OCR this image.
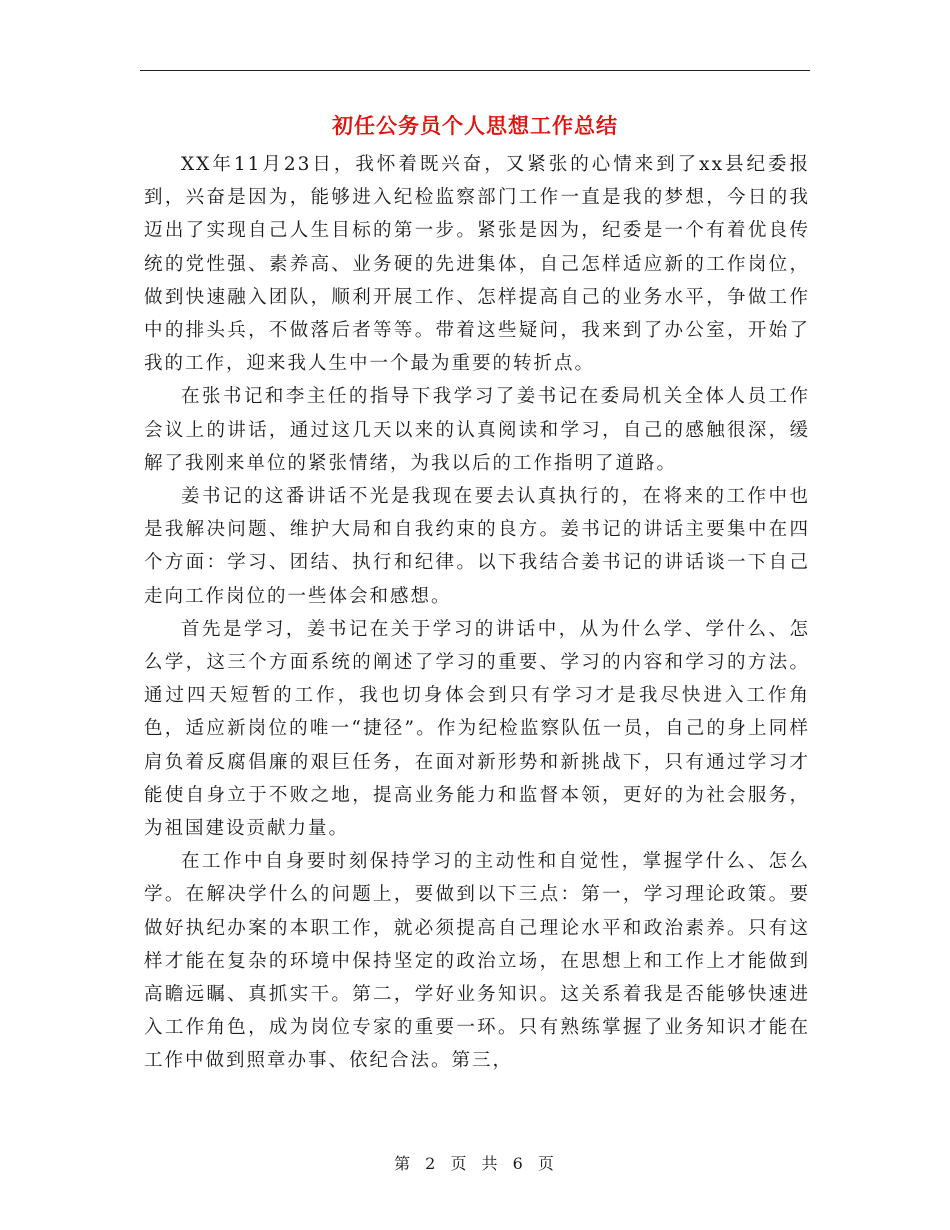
初任公务员个人思想工作总结

XX年11月23日，我怀着既兴奋，又紧张的心情来到了xx县纪委报到，兴奋是因为，能够进入纪检监察部门工作一直是我的梦想，今日的我迈出了实现自己人生目标的第一步。紧张是因为，纪委是一个有着优良传统的党性强、素养高、业务硬的先进集体，自己怎样适应新的工作岗位，做到快速融入团队，顺利开展工作、怎样提高自己的业务水平，争做工作中的排头兵，不做落后者等等。带着这些疑问，我来到了办公室，开始了我的工作，迎来我人生中一个最为重要的转折点。

在张书记和李主任的指导下我学习了姜书记在委局机关全体人员工作会议上的讲话，通过这几天以来的认真阅读和学习，自己的感触很深，缓解了我刚来单位的紧张情绪，为我以后的工作指明了道路。

姜书记的这番讲话不光是我现在要去认真执行的，在将来的工作中也是我解决问题、维护大局和自我约束的良方。姜书记的讲话主要集中在四个方面：学习、团结、执行和纪律。以下我结合姜书记的讲话谈一下自己走向工作岗位的一些体会和感想。

首先是学习，姜书记在关于学习的讲话中，从为什么学、学什么、怎么学，这三个方面系统的阐述了学习的重要、学习的内容和学习的方法。通过四天短暂的工作，我也切身体会到只有学习才是我尽快进入工作角色，适应新岗位的唯一“捷径”。作为纪检监察队伍一员，自己的身上同样肩负着反腐倡廉的艰巨任务，在面对新形势和新挑战下，只有通过学习才能使自身立于不败之地，提高业务能力和监督本领，更好的为社会服务，为祖国建设贡献力量。

在工作中自身要时刻保持学习的主动性和自觉性，掌握学什么、怎么学。在解决学什么的问题上，要做到以下三点：第一，学习理论政策。要做好执纪办案的本职工作，就必须提高自己理论水平和政治素养。只有这样才能在复杂的环境中保持坚定的政治立场，在思想上和工作上才能做到高瞻远瞩、真抓实干。第二，学好业务知识。这关系着我是否能够快速进入工作角色，成为岗位专家的重要一环。只有熟练掌握了业务知识才能在工作中做到照章办事、依纪合法。第三，

第 2 页 共 6 页
